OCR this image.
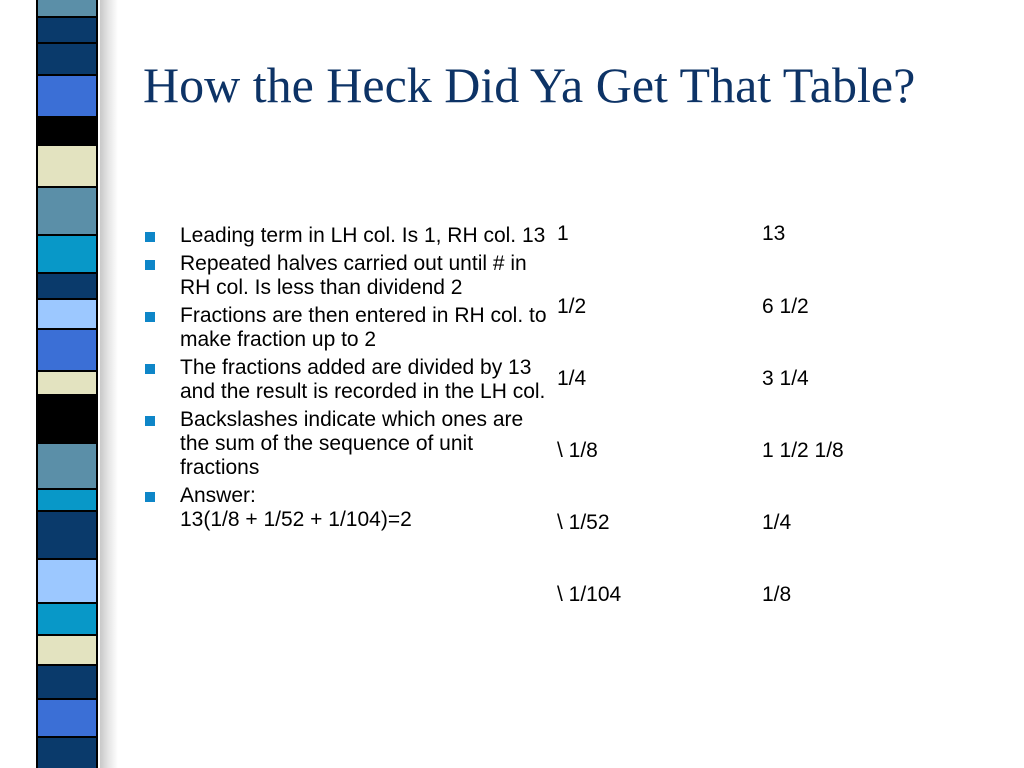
How the Heck Did Ya Get That Table?
Leading term in LH col. Is 1, RH col. 13
Repeated halves carried out until # in RH col. Is less than dividend 2
Fractions are then entered in RH col. to make fraction up to 2
The fractions added are divided by 13 and the result is recorded in the LH col.
Backslashes indicate which ones are the sum of the sequence of unit fractions
Answer:
13(1/8 + 1/52 + 1/104)=2
1	13
1/2	6 1/2
1/4	3 1/4
\ 1/8	1 1/2 1/8
\ 1/52	1/4
\ 1/104	1/8
